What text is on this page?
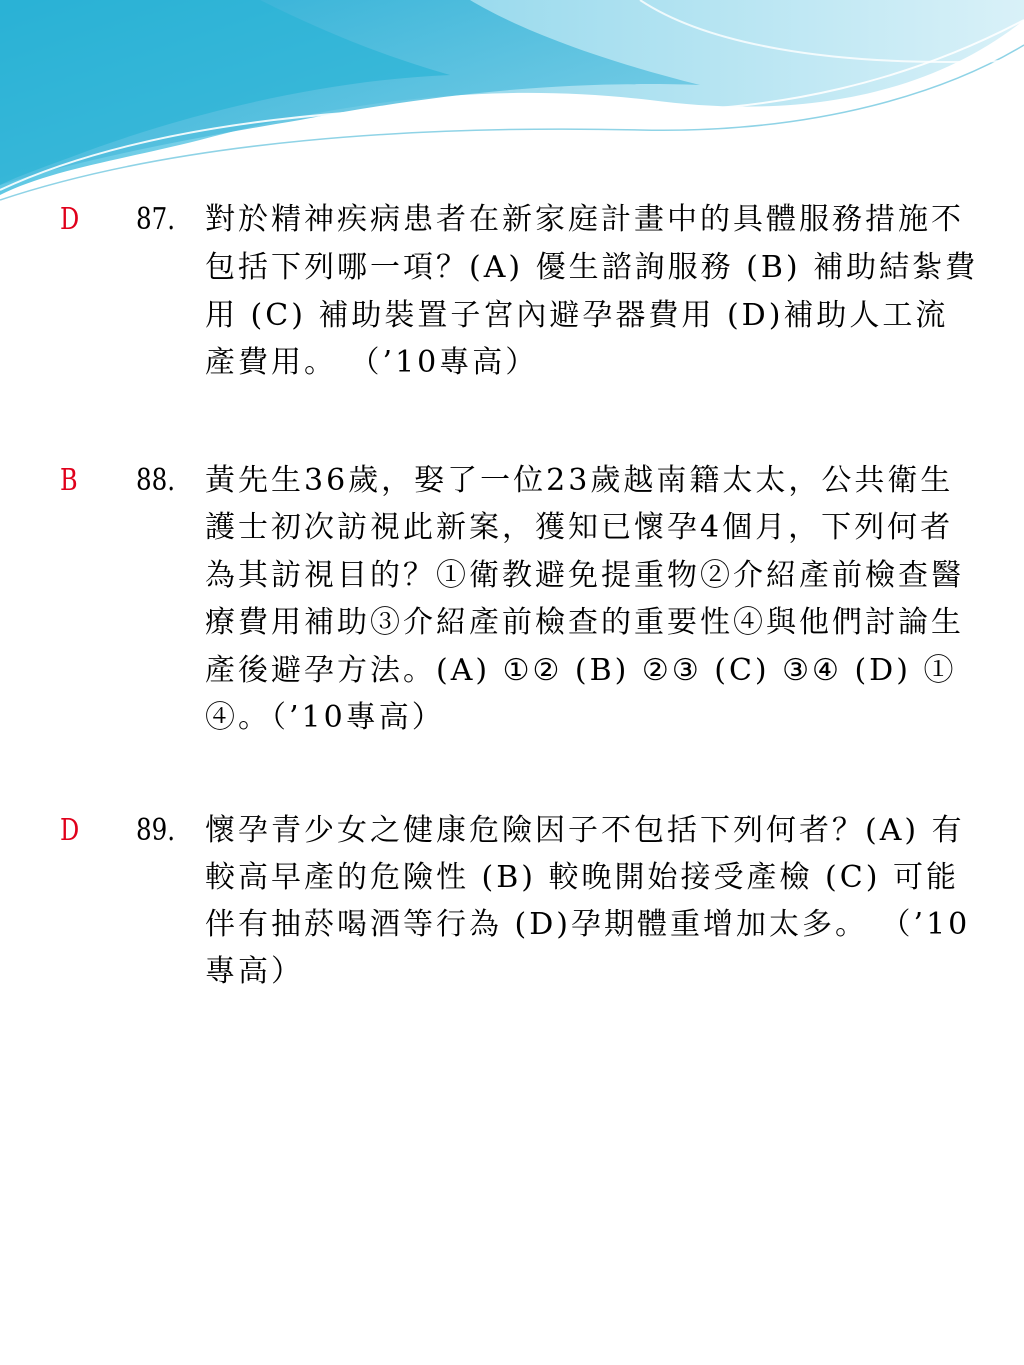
D 87. 對於精神疾病患者在新家庭計畫中的具體服務措施不包括下列哪一項？(A) 優生諮詢服務 (B) 補助結紮費用 (C) 補助裝置子宮內避孕器費用 (D)補助人工流產費用。 （’10專高）
B 88. 黃先生36歲，娶了一位23歲越南籍太太，公共衛生護士初次訪視此新案，獲知已懷孕4個月，下列何者為其訪視目的？①衛教避免提重物②介紹產前檢查醫療費用補助③介紹產前檢查的重要性④與他們討論生產後避孕方法。(A) ①② (B) ②③ (C) ③④ (D) ①④。（’10專高）
D 89. 懷孕青少女之健康危險因子不包括下列何者？(A) 有較高早產的危險性 (B) 較晚開始接受產檢 (C) 可能伴有抽菸喝酒等行為 (D)孕期體重增加太多。 （’10專高）
